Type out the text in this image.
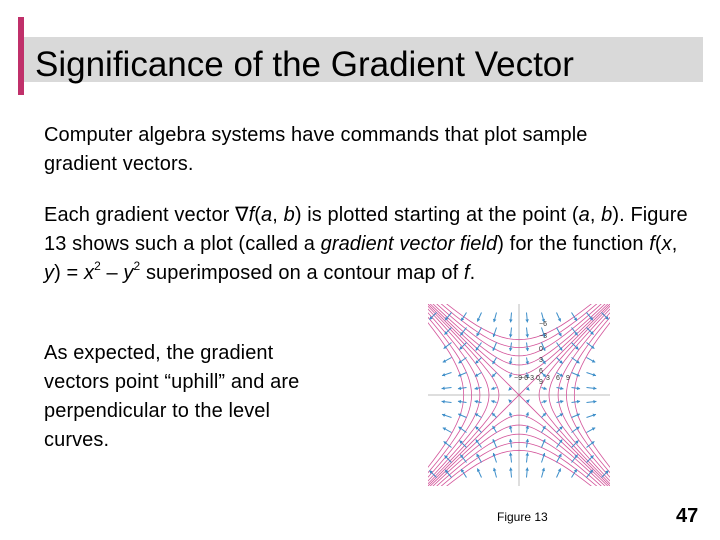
Significance of the Gradient Vector

Computer algebra systems have commands that plot sample gradient vectors.

Each gradient vector ∇f(a, b) is plotted starting at the point (a, b). Figure 13 shows such a plot (called a gradient vector field) for the function f(x, $y) = x^2 - y^2$ superimposed on a contour map of f.

As expected, the gradient vectors point “uphill” and are perpendicular to the level curves.

−6
−3
0
3
6
9
−9
−6
−3 0 3 6 9
Figure 13	47
